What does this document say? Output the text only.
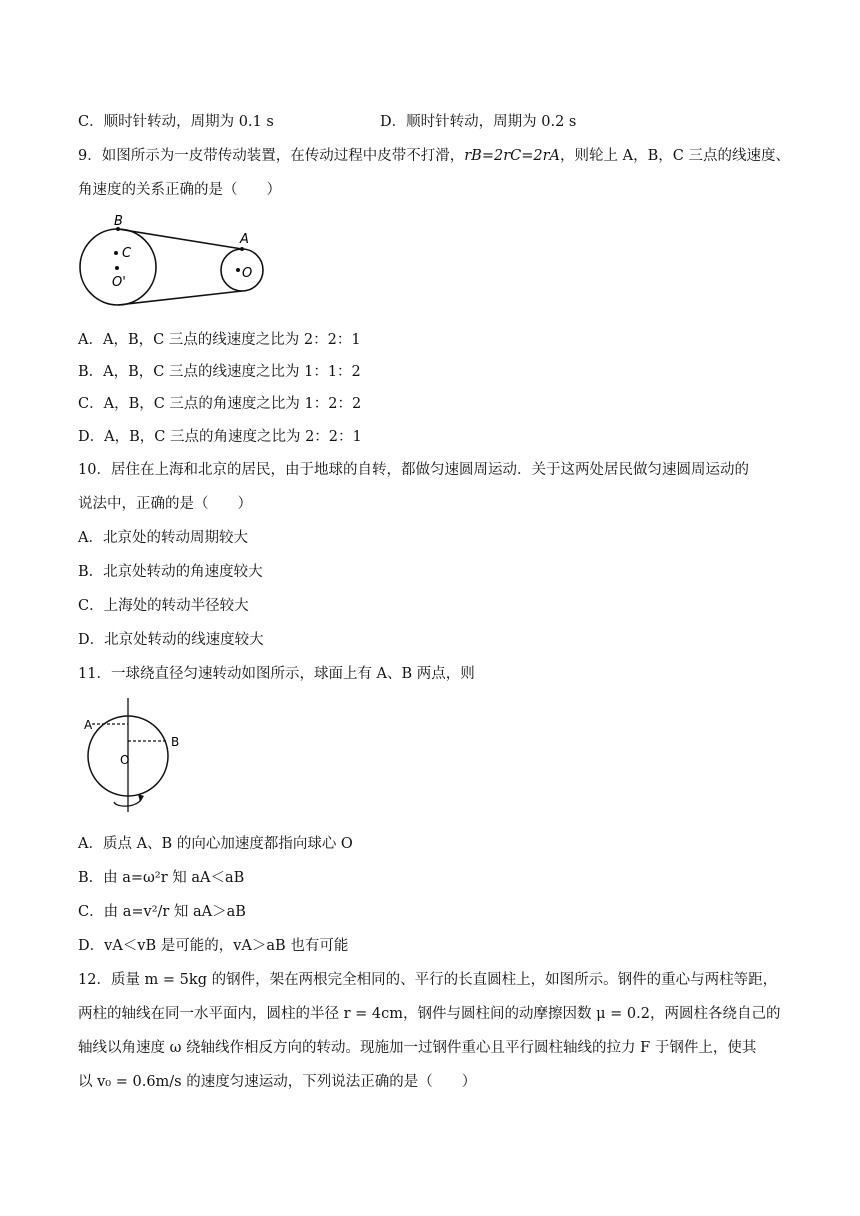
C．顺时针转动，周期为 0.1 s	D．顺时针转动，周期为 0.2 s
9．如图所示为一皮带传动装置，在传动过程中皮带不打滑，rB=2rC=2rA，则轮上 A，B，C 三点的线速度、
角速度的关系正确的是（　　）
B
C
O'
A
O
A．A，B，C 三点的线速度之比为 2：2：1
B．A，B，C 三点的线速度之比为 1：1：2
C．A，B，C 三点的角速度之比为 1：2：2
D．A，B，C 三点的角速度之比为 2：2：1
10．居住在上海和北京的居民，由于地球的自转，都做匀速圆周运动．关于这两处居民做匀速圆周运动的
说法中，正确的是（　　）
A．北京处的转动周期较大
B．北京处转动的角速度较大
C．上海处的转动半径较大
D．北京处转动的线速度较大
11．一球绕直径匀速转动如图所示，球面上有 A、B 两点，则
A
B
O
A．质点 A、B 的向心加速度都指向球心 O
B．由 a=ω²r 知 aA＜aB
C．由 a=v²/r 知 aA＞aB
D．vA＜vB 是可能的，vA＞aB 也有可能
12．质量 m = 5kg 的钢件，架在两根完全相同的、平行的长直圆柱上，如图所示。钢件的重心与两柱等距，
两柱的轴线在同一水平面内，圆柱的半径 r = 4cm，钢件与圆柱间的动摩擦因数 μ = 0.2，两圆柱各绕自己的
轴线以角速度 ω 绕轴线作相反方向的转动。现施加一过钢件重心且平行圆柱轴线的拉力 F 于钢件上，使其
以 v₀ = 0.6m/s 的速度匀速运动，下列说法正确的是（　　）
